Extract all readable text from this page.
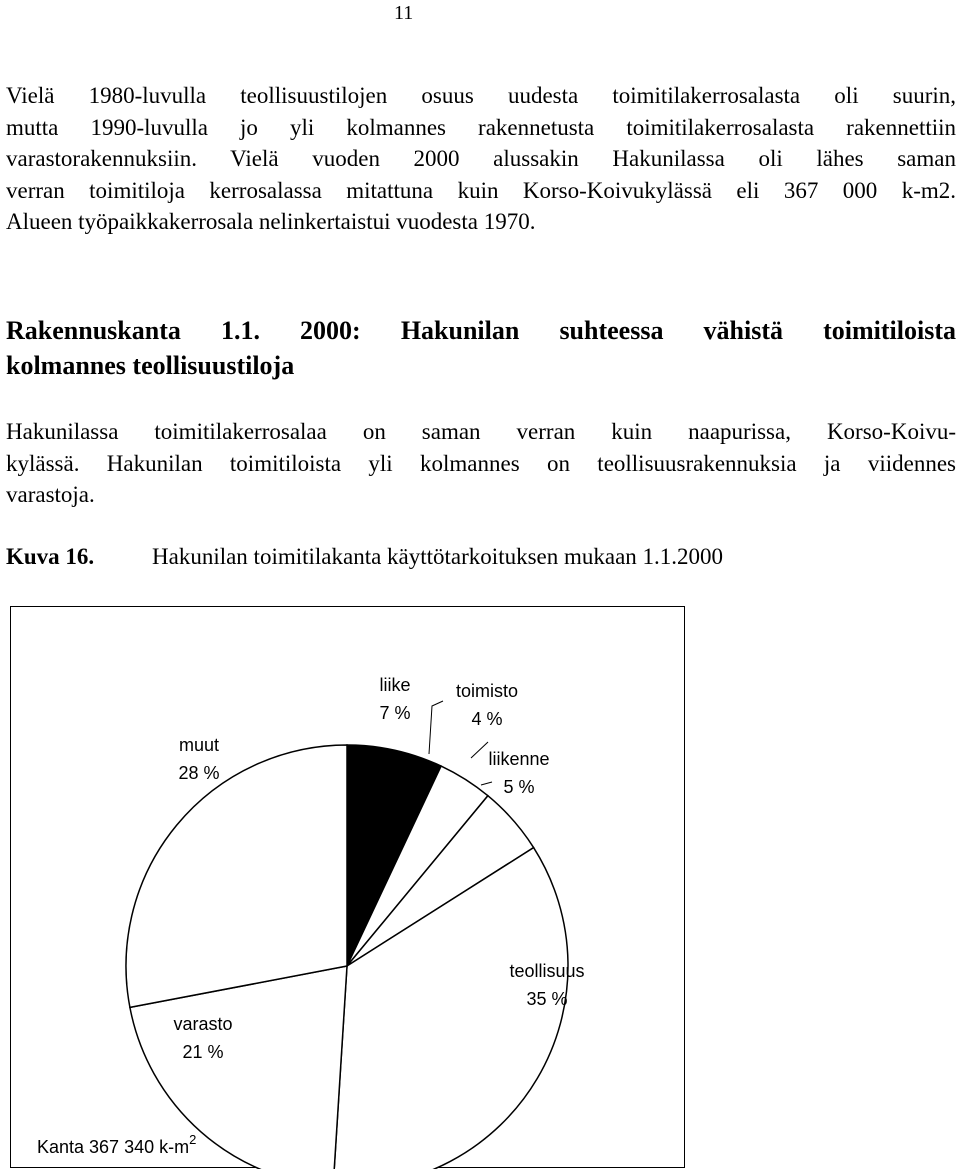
11

Vielä 1980-luvulla teollisuustilojen osuus uudesta toimitilakerrosalasta oli suurin,
mutta 1990-luvulla jo yli kolmannes rakennetusta toimitilakerrosalasta rakennettiin
varastorakennuksiin. Vielä vuoden 2000 alussakin Hakunilassa oli lähes saman
verran toimitiloja kerrosalassa mitattuna kuin Korso-Koivukylässä eli 367 000 k-m2.
Alueen työpaikkakerrosala nelinkertaistui vuodesta 1970.

Rakennuskanta 1.1. 2000: Hakunilan suhteessa vähistä toimitiloista
kolmannes teollisuustiloja

Hakunilassa toimitilakerrosalaa on saman verran kuin naapurissa, Korso-Koivu-
kylässä. Hakunilan toimitiloista yli kolmannes on teollisuusrakennuksia ja viidennes
varastoja.

Kuva 16.	Hakunilan toimitilakanta käyttötarkoituksen mukaan 1.1.2000
liike
7 %
toimisto
4 %
liikenne
5 %
teollisuus
35 %
varasto
21 %
muut
28 %
Kanta 367 340 $k-m^2$
